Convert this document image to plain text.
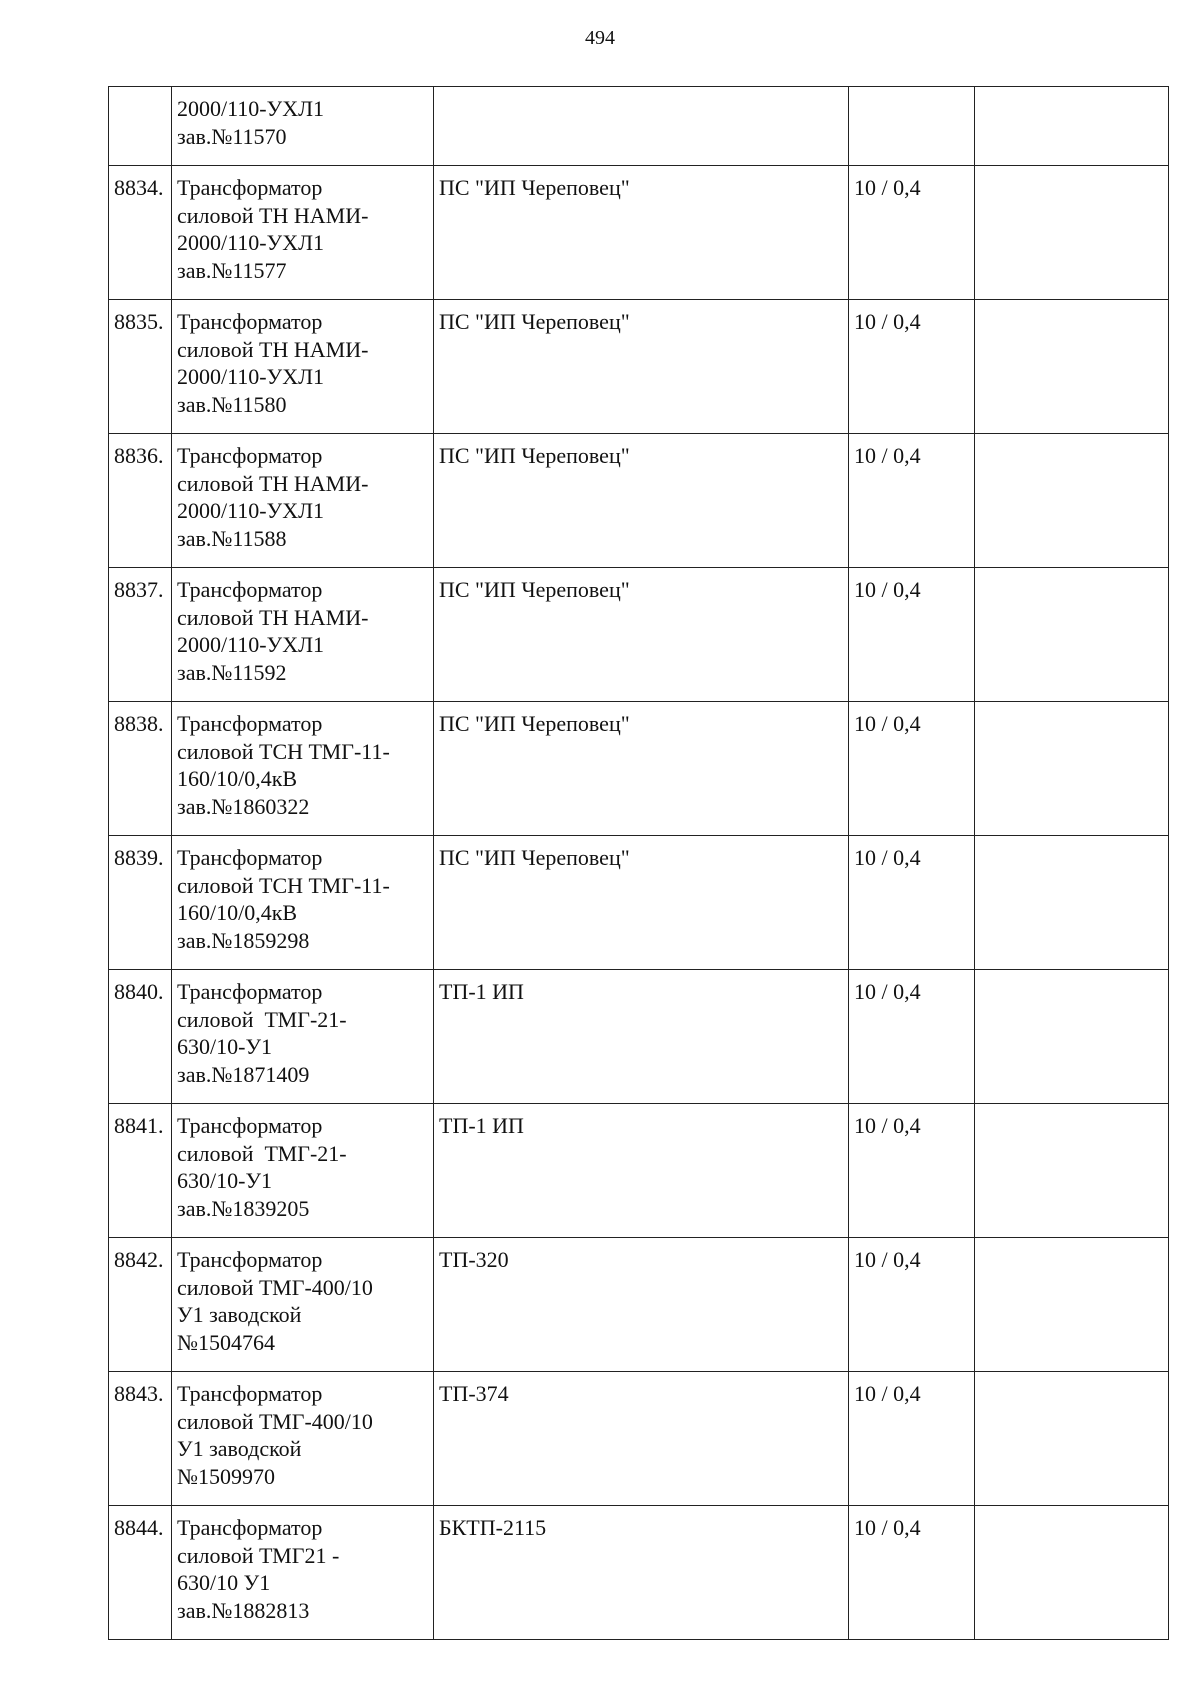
494

	2000/110-УХЛ1
зав.№11570			

8834.	Трансформатор
силовой ТН НАМИ-
2000/110-УХЛ1
зав.№11577	ПС "ИП Череповец"	10 / 0,4	
8835.	Трансформатор
силовой ТН НАМИ-
2000/110-УХЛ1
зав.№11580	ПС "ИП Череповец"	10 / 0,4	
8836.	Трансформатор
силовой ТН НАМИ-
2000/110-УХЛ1
зав.№11588	ПС "ИП Череповец"	10 / 0,4	
8837.	Трансформатор
силовой ТН НАМИ-
2000/110-УХЛ1
зав.№11592	ПС "ИП Череповец"	10 / 0,4	
8838.	Трансформатор
силовой ТСН ТМГ-11-
160/10/0,4кВ
зав.№1860322	ПС "ИП Череповец"	10 / 0,4	
8839.	Трансформатор
силовой ТСН ТМГ-11-
160/10/0,4кВ
зав.№1859298	ПС "ИП Череповец"	10 / 0,4	
8840.	Трансформатор
силовой  ТМГ-21-
630/10-У1
зав.№1871409	ТП-1 ИП	10 / 0,4	
8841.	Трансформатор
силовой  ТМГ-21-
630/10-У1
зав.№1839205	ТП-1 ИП	10 / 0,4	
8842.	Трансформатор
силовой ТМГ-400/10
У1 заводской
№1504764	ТП-320	10 / 0,4	
8843.	Трансформатор
силовой ТМГ-400/10
У1 заводской
№1509970	ТП-374	10 / 0,4	
8844.	Трансформатор
силовой ТМГ21 -
630/10 У1
зав.№1882813	БКТП-2115	10 / 0,4	
